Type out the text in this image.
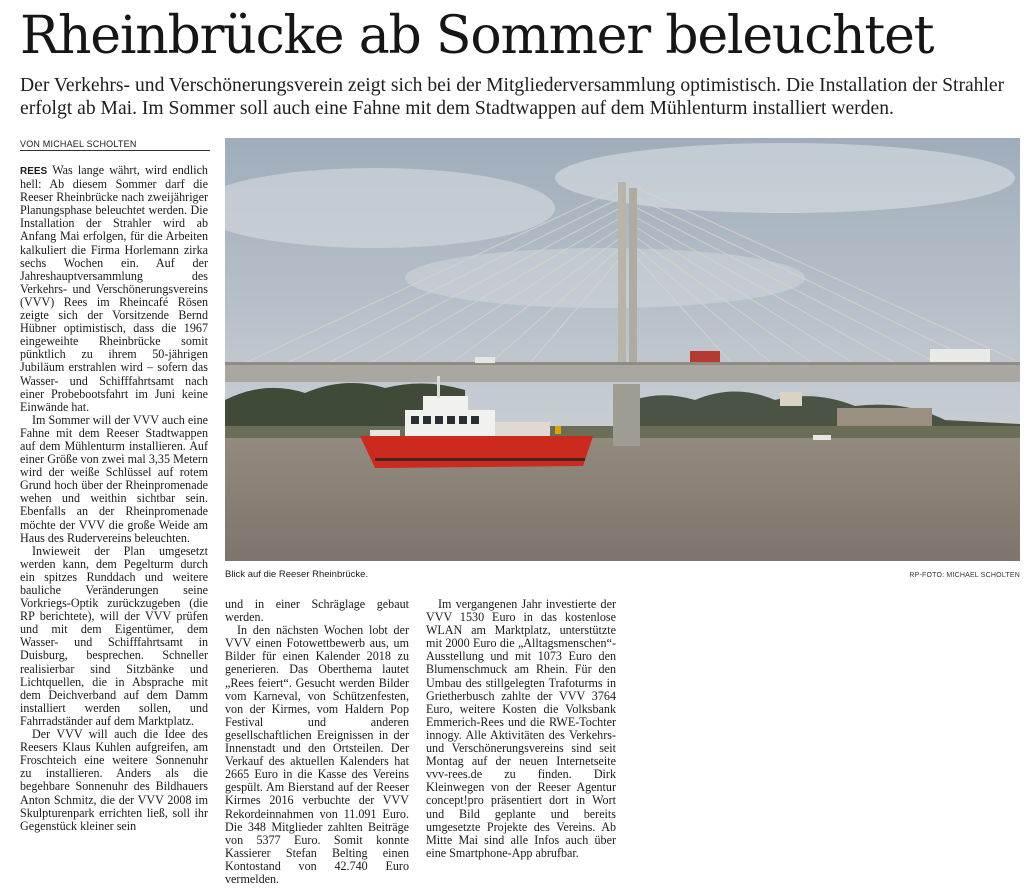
Rheinbrücke ab Sommer beleuchtet
Der Verkehrs- und Verschönerungsverein zeigt sich bei der Mitgliederversammlung optimistisch. Die Installation der Strahler erfolgt ab Mai. Im Sommer soll auch eine Fahne mit dem Stadtwappen auf dem Mühlenturm installiert werden.
VON MICHAEL SCHOLTEN

REES Was lange währt, wird endlich hell: Ab diesem Sommer darf die Reeser Rheinbrücke nach zweijähriger Planungsphase beleuchtet werden. Die Installation der Strahler wird ab Anfang Mai erfolgen, für die Arbeiten kalkuliert die Firma Horlemann zirka sechs Wochen ein. Auf der Jahreshauptversammlung des Verkehrs- und Verschönerungsvereins (VVV) Rees im Rheincafé Rösen zeigte sich der Vorsitzende Bernd Hübner optimistisch, dass die 1967 eingeweihte Rheinbrücke somit pünktlich zu ihrem 50-jährigen Jubiläum erstrahlen wird – sofern das Wasser- und Schifffahrtsamt nach einer Probebootsfahrt im Juni keine Einwände hat.

Im Sommer will der VVV auch eine Fahne mit dem Reeser Stadtwappen auf dem Mühlenturm installieren. Auf einer Größe von zwei mal 3,35 Metern wird der weiße Schlüssel auf rotem Grund hoch über der Rheinpromenade wehen und weithin sichtbar sein. Ebenfalls an der Rheinpromenade möchte der VVV die große Weide am Haus des Rudervereins beleuchten.

Inwieweit der Plan umgesetzt werden kann, dem Pegelturm durch ein spitzes Runddach und weitere bauliche Veränderungen seine Vorkriegs-Optik zurückzugeben (die RP berichtete), will der VVV prüfen und mit dem Eigentümer, dem Wasser- und Schifffahrtsamt in Duisburg, besprechen. Schneller realisierbar sind Sitzbänke und Lichtquellen, die in Absprache mit dem Deichverband auf dem Damm installiert werden sollen, und Fahrradständer auf dem Marktplatz.

Der VVV will auch die Idee des Reesers Klaus Kuhlen aufgreifen, am Froschteich eine weitere Sonnenuhr zu installieren. Anders als die begehbare Sonnenuhr des Bildhauers Anton Schmitz, die der VVV 2008 im Skulpturenpark errichten ließ, soll ihr Gegenstück kleiner sein

Blick auf die Reeser Rheinbrücke.	RP-FOTO: MICHAEL SCHOLTEN

und in einer Schräglage gebaut werden.

In den nächsten Wochen lobt der VVV einen Fotowettbewerb aus, um Bilder für einen Kalender 2018 zu generieren. Das Oberthema lautet „Rees feiert“. Gesucht werden Bilder vom Karneval, von Schützenfesten, von der Kirmes, vom Haldern Pop Festival und anderen gesellschaftlichen Ereignissen in der Innenstadt und den Ortsteilen. Der Verkauf des aktuellen Kalenders hat 2665 Euro in die Kasse des Vereins gespült. Am Bierstand auf der Reeser Kirmes 2016 verbuchte der VVV Rekordeinnahmen von 11.091 Euro. Die 348 Mitglieder zahlten Beiträge von 5377 Euro. Somit konnte Kassierer Stefan Belting einen Kontostand von 42.740 Euro vermelden.

Im vergangenen Jahr investierte der VVV 1530 Euro in das kostenlose WLAN am Marktplatz, unterstützte mit 2000 Euro die „Alltagsmenschen“-Ausstellung und mit 1073 Euro den Blumenschmuck am Rhein. Für den Umbau des stillgelegten Trafoturms in Grietherbusch zahlte der VVV 3764 Euro, weitere Kosten die Volksbank Emmerich-Rees und die RWE-Tochter innogy. Alle Aktivitäten des Verkehrs- und Verschönerungsvereins sind seit Montag auf der neuen Internetseite vvv-rees.de zu finden. Dirk Kleinwegen von der Reeser Agentur concept!pro präsentiert dort in Wort und Bild geplante und bereits umgesetzte Projekte des Vereins. Ab Mitte Mai sind alle Infos auch über eine Smartphone-App abrufbar.
